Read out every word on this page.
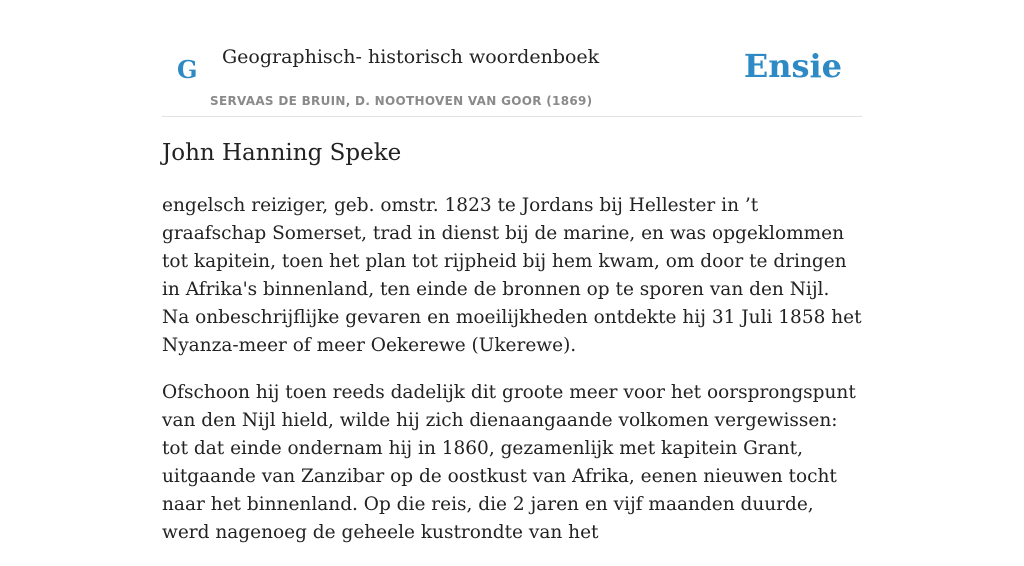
G Geographisch- historisch woordenboek
SERVAAS DE BRUIN, D. NOOTHOVEN VAN GOOR (1869)
Ensie
John Hanning Speke

engelsch reiziger, geb. omstr. 1823 te Jordans bij Hellester in ’t graafschap Somerset, trad in dienst bij de marine, en was opgeklommen tot kapitein, toen het plan tot rijpheid bij hem kwam, om door te dringen in Afrika's binnenland, ten einde de bronnen op te sporen van den Nijl. Na onbeschrijflijke gevaren en moeilijkheden ontdekte hij 31 Juli 1858 het Nyanza-meer of meer Oekerewe (Ukerewe).

Ofschoon hij toen reeds dadelijk dit groote meer voor het oorsprongspunt van den Nijl hield, wilde hij zich dienaangaande volkomen vergewissen: tot dat einde ondernam hij in 1860, gezamenlijk met kapitein Grant, uitgaande van Zanzibar op de oostkust van Afrika, eenen nieuwen tocht naar het binnenland. Op die reis, die 2 jaren en vijf maanden duurde, werd nagenoeg de geheele kustrondte van het
